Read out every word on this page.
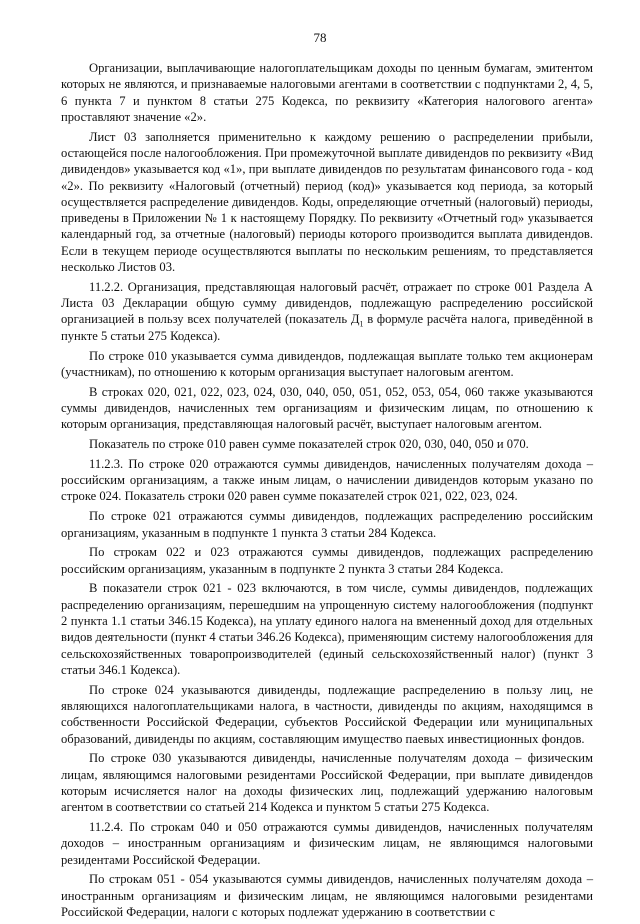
78

Организации, выплачивающие налогоплательщикам доходы по ценным бумагам, эмитентом которых не являются, и признаваемые налоговыми агентами в соответствии с подпунктами 2, 4, 5, 6 пункта 7 и пунктом 8 статьи 275 Кодекса, по реквизиту «Категория налогового агента» проставляют значение «2».

Лист 03 заполняется применительно к каждому решению о распределении прибыли, остающейся после налогообложения. При промежуточной выплате дивидендов по реквизиту «Вид дивидендов» указывается код «1», при выплате дивидендов по результатам финансового года - код «2». По реквизиту «Налоговый (отчетный) период (код)» указывается код периода, за который осуществляется распределение дивидендов. Коды, определяющие отчетный (налоговый) периоды, приведены в Приложении № 1 к настоящему Порядку. По реквизиту «Отчетный год» указывается календарный год, за отчетные (налоговый) периоды которого производится выплата дивидендов. Если в текущем периоде осуществляются выплаты по нескольким решениям, то представляется несколько Листов 03.

11.2.2. Организация, представляющая налоговый расчёт, отражает по строке 001 Раздела А Листа 03 Декларации общую сумму дивидендов, подлежащую распределению российской организацией в пользу всех получателей (показатель $Д_1$ в формуле расчёта налога, приведённой в пункте 5 статьи 275 Кодекса).

По строке 010 указывается сумма дивидендов, подлежащая выплате только тем акционерам (участникам), по отношению к которым организация выступает налоговым агентом.

В строках 020, 021, 022, 023, 024, 030, 040, 050, 051, 052, 053, 054, 060 также указываются суммы дивидендов, начисленных тем организациям и физическим лицам, по отношению к которым организация, представляющая налоговый расчёт, выступает налоговым агентом.

Показатель по строке 010 равен сумме показателей строк 020, 030, 040, 050 и 070.

11.2.3. По строке 020 отражаются суммы дивидендов, начисленных получателям дохода – российским организациям, а также иным лицам, о начислении дивидендов которым указано по строке 024. Показатель строки 020 равен сумме показателей строк 021, 022, 023, 024.

По строке 021 отражаются суммы дивидендов, подлежащих распределению российским организациям, указанным в подпункте 1 пункта 3 статьи 284 Кодекса.

По строкам 022 и 023 отражаются суммы дивидендов, подлежащих распределению российским организациям, указанным в подпункте 2 пункта 3 статьи 284 Кодекса.

В показатели строк 021 - 023 включаются, в том числе, суммы дивидендов, подлежащих распределению организациям, перешедшим на упрощенную систему налогообложения (подпункт 2 пункта 1.1 статьи 346.15 Кодекса), на уплату единого налога на вмененный доход для отдельных видов деятельности (пункт 4 статьи 346.26 Кодекса), применяющим систему налогообложения для сельскохозяйственных товаропроизводителей (единый сельскохозяйственный налог) (пункт 3 статьи 346.1 Кодекса).

По строке 024 указываются дивиденды, подлежащие распределению в пользу лиц, не являющихся налогоплательщиками налога, в частности, дивиденды по акциям, находящимся в собственности Российской Федерации, субъектов Российской Федерации или муниципальных образований, дивиденды по акциям, составляющим имущество паевых инвестиционных фондов.

По строке 030 указываются дивиденды, начисленные получателям дохода – физическим лицам, являющимся налоговыми резидентами Российской Федерации, при выплате дивидендов которым исчисляется налог на доходы физических лиц, подлежащий удержанию налоговым агентом в соответствии со статьей 214 Кодекса и пунктом 5 статьи 275 Кодекса.

11.2.4. По строкам 040 и 050 отражаются суммы дивидендов, начисленных получателям доходов – иностранным организациям и физическим лицам, не являющимся налоговыми резидентами Российской Федерации.

По строкам 051 - 054 указываются суммы дивидендов, начисленных получателям дохода – иностранным организациям и физическим лицам, не являющимся налоговыми резидентами Российской Федерации, налоги с которых подлежат удержанию в соответствии с
